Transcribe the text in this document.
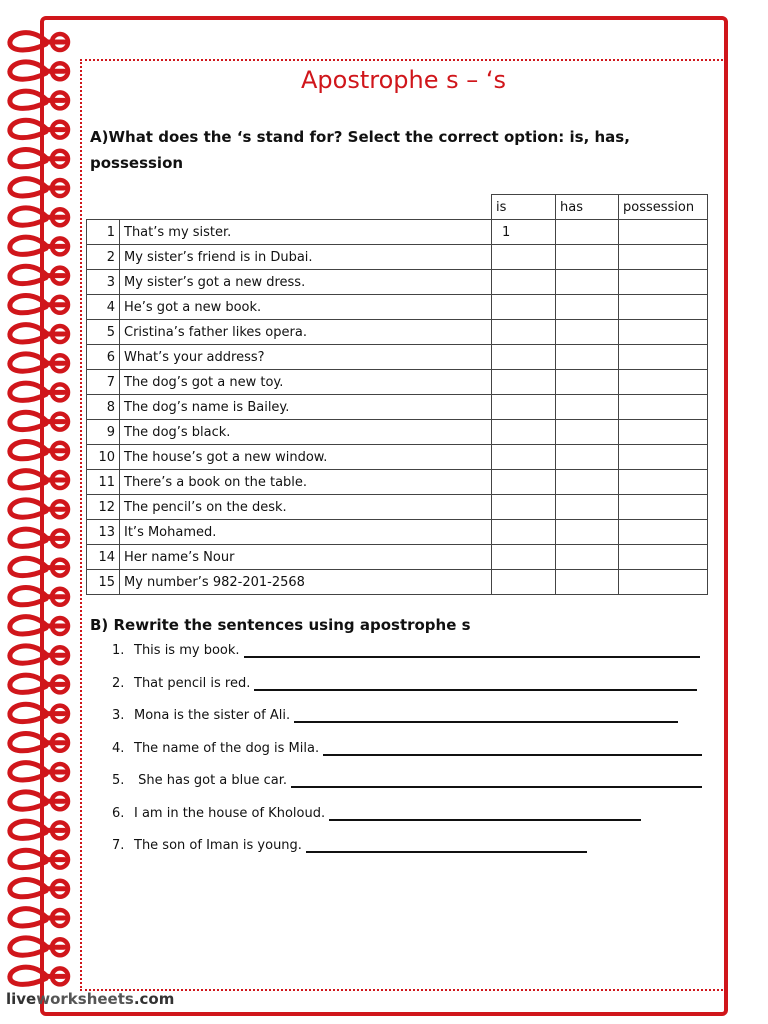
Apostrophe s – ‘s

A)What does the ‘s stand for? Select the correct option: is, has, possession

		is	has	possession
1	That’s my sister.	1		
2	My sister’s friend is in Dubai.			
3	My sister’s got a new dress.			
4	He’s got a new book.			
5	Cristina’s father likes opera.			
6	What’s your address?			
7	The dog’s got a new toy.			
8	The dog’s name is Bailey.			
9	The dog’s black.			
10	The house’s got a new window.			
11	There’s a book on the table.			
12	The pencil’s on the desk.			
13	It’s Mohamed.			
14	Her name’s Nour			
15	My number’s 982-201-2568			

B) Rewrite the sentences using apostrophe s

1. This is my book.
2. That pencil is red.
3. Mona is the sister of Ali.
4. The name of the dog is Mila.
5. She has got a blue car.
6. I am in the house of Kholoud.
7. The son of Iman is young.
liveworksheets.com
